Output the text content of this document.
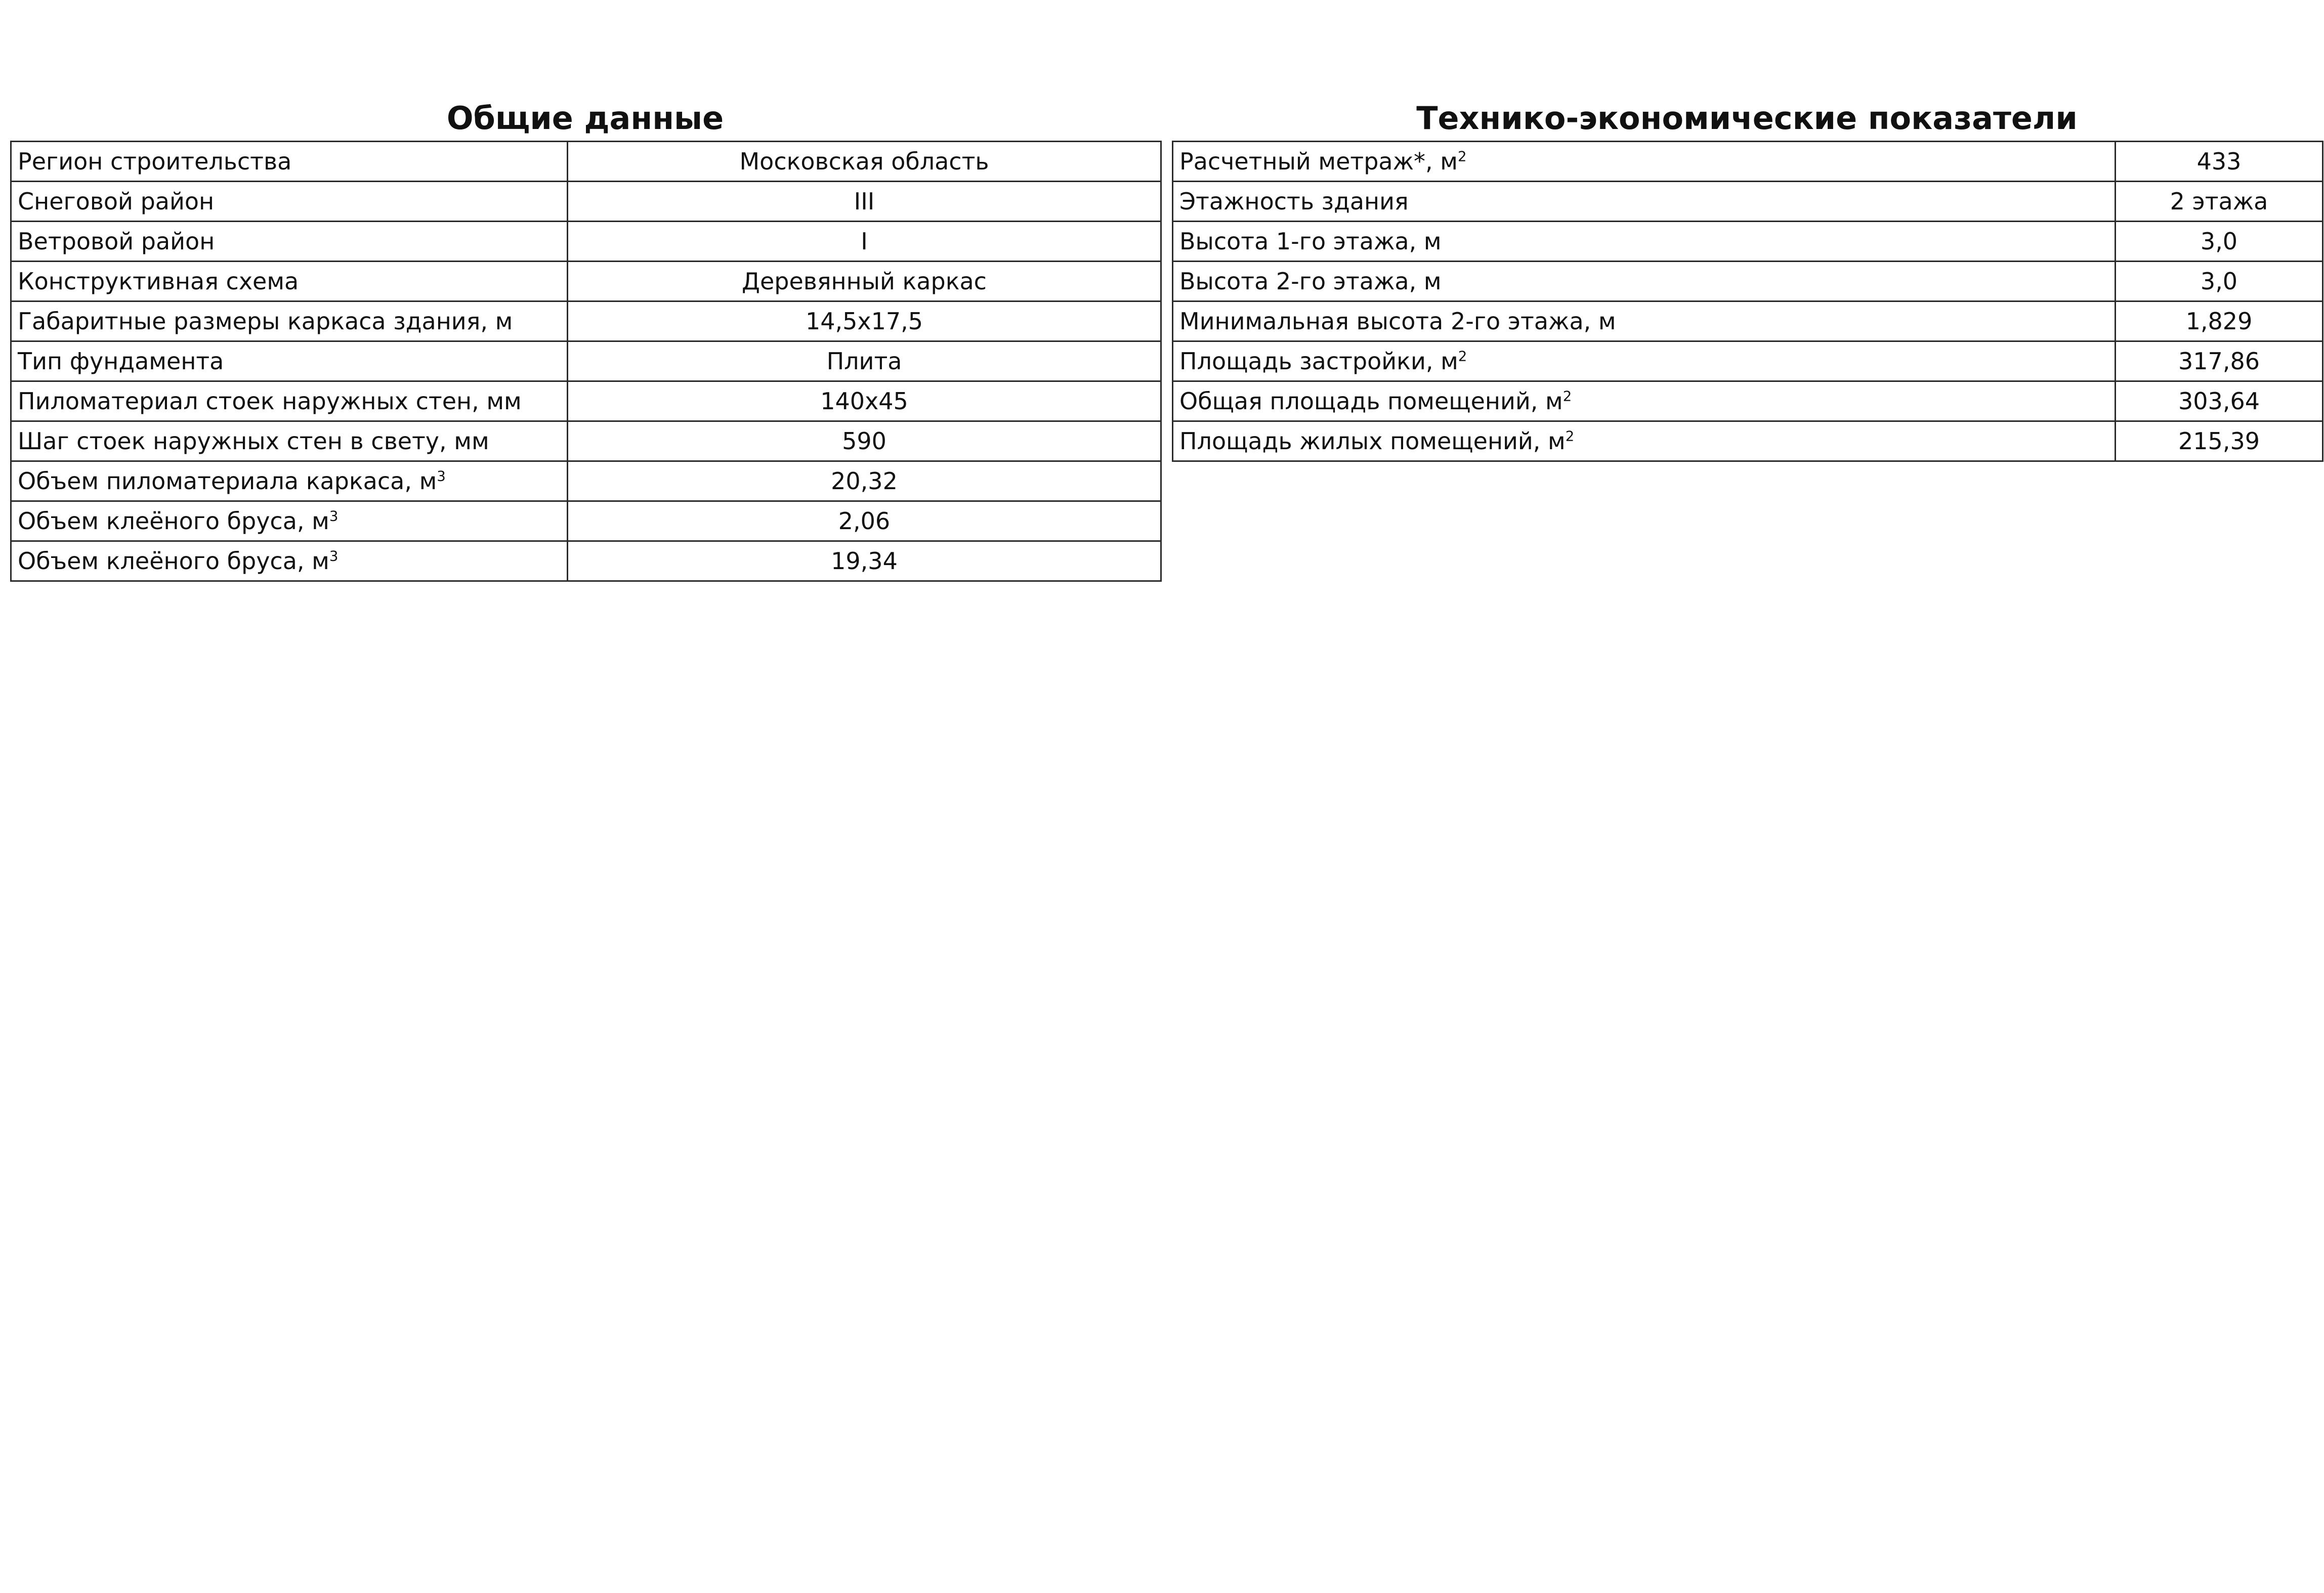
Общие данные
Регион строительства	Московская область
Снеговой район	III
Ветровой район	I
Конструктивная схема	Деревянный каркас
Габаритные размеры каркаса здания, м	14,5х17,5
Тип фундамента	Плита
Пиломатериал стоек наружных стен, мм	140х45
Шаг стоек наружных стен в свету, мм	590
Объем пиломатериала каркаса, $м^3$	20,32
Объем клеёного бруса, $м^3$	2,06
Объем клеёного бруса, $м^3$	19,34
Технико-экономические показатели
Расчетный метраж*, $м^2$	433
Этажность здания	2 этажа
Высота 1-го этажа, м	3,0
Высота 2-го этажа, м	3,0
Минимальная высота 2-го этажа, м	1,829
Площадь застройки, $м^2$	317,86
Общая площадь помещений, $м^2$	303,64
Площадь жилых помещений, $м^2$	215,39
